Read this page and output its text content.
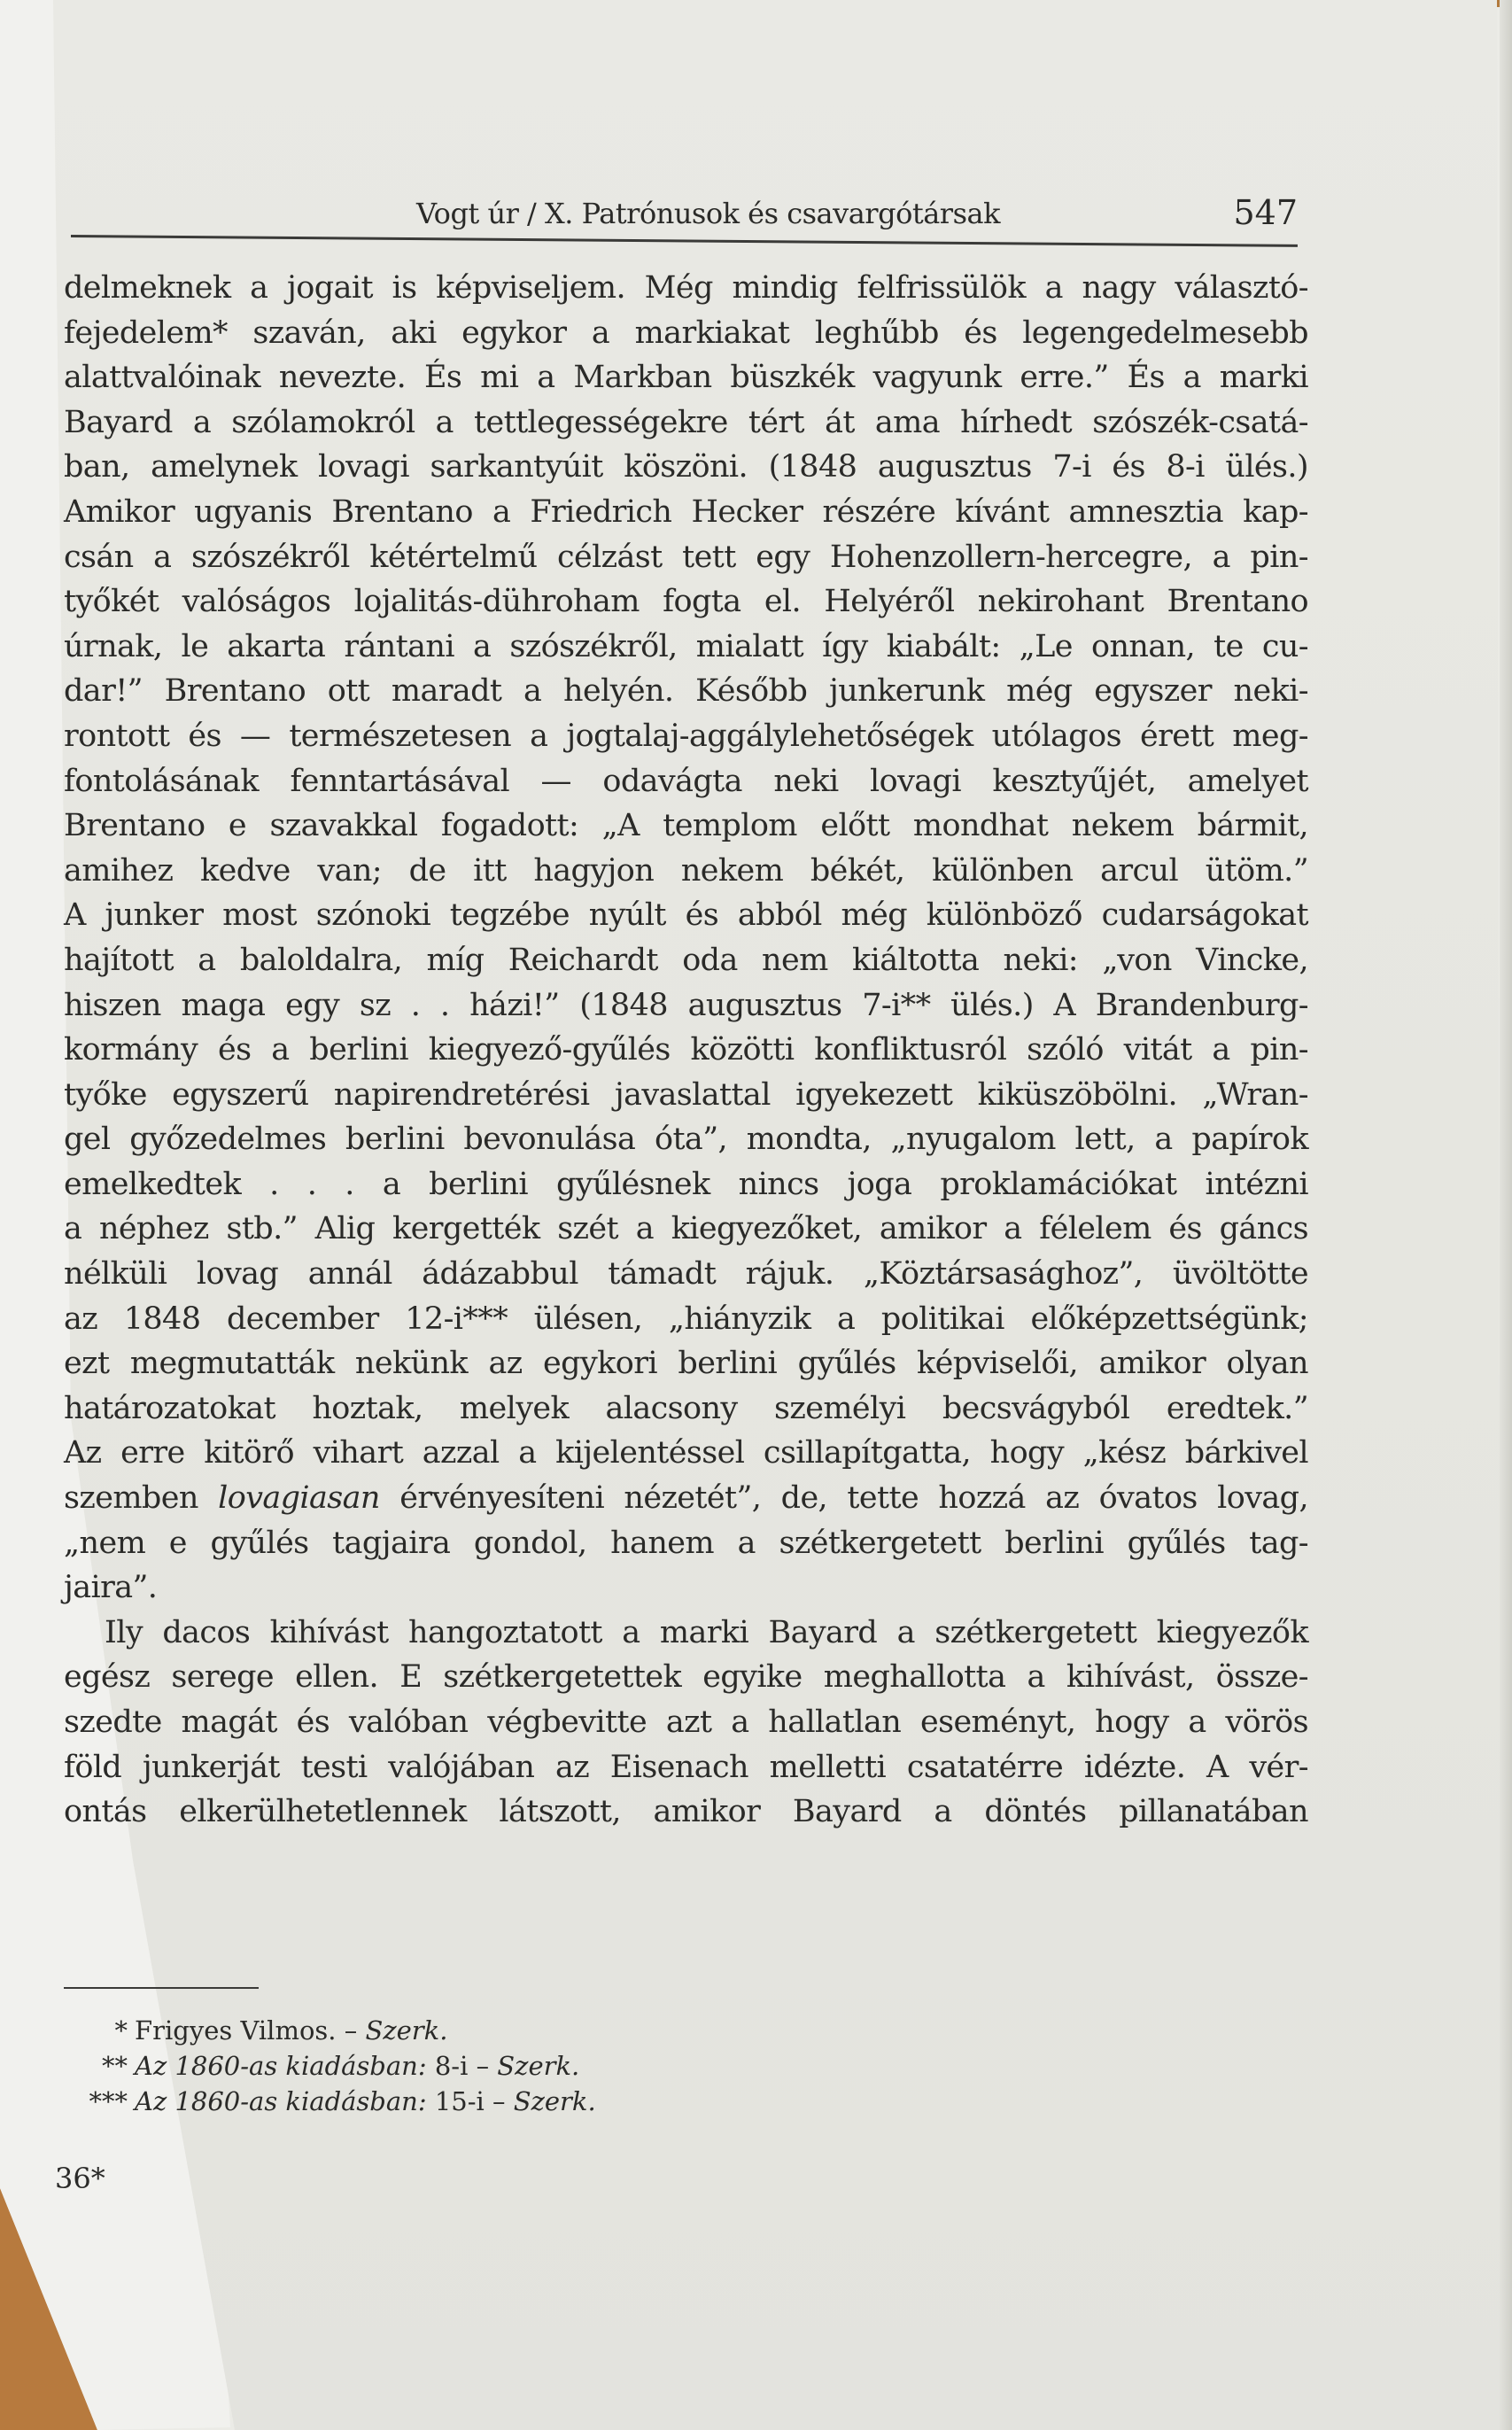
Vogt úr / X. Patrónusok és csavargótársak	547
delmeknek a jogait is képviseljem. Még mindig felfrissülök a nagy választó-
fejedelem* szaván, aki egykor a markiakat leghűbb és legengedelmesebb
alattvalóinak nevezte. És mi a Markban büszkék vagyunk erre.” És a marki
Bayard a szólamokról a tettlegességekre tért át ama hírhedt szószék-csatá-
ban, amelynek lovagi sarkantyúit köszöni. (1848 augusztus 7-i és 8-i ülés.)
Amikor ugyanis Brentano a Friedrich Hecker részére kívánt amnesztia kap-
csán a szószékről kétértelmű célzást tett egy Hohenzollern-hercegre, a pin-
tyőkét valóságos lojalitás-dühroham fogta el. Helyéről nekirohant Brentano
úrnak, le akarta rántani a szószékről, mialatt így kiabált: „Le onnan, te cu-
dar!” Brentano ott maradt a helyén. Később junkerunk még egyszer neki-
rontott és — természetesen a jogtalaj-aggálylehetőségek utólagos érett meg-
fontolásának fenntartásával — odavágta neki lovagi kesztyűjét, amelyet
Brentano e szavakkal fogadott: „A templom előtt mondhat nekem bármit,
amihez kedve van; de itt hagyjon nekem békét, különben arcul ütöm.”
A junker most szónoki tegzébe nyúlt és abból még különböző cudarságokat
hajított a baloldalra, míg Reichardt oda nem kiáltotta neki: „von Vincke,
hiszen maga egy sz . . házi!” (1848 augusztus 7-i** ülés.) A Brandenburg-
kormány és a berlini kiegyező-gyűlés közötti konfliktusról szóló vitát a pin-
tyőke egyszerű napirendretérési javaslattal igyekezett kiküszöbölni. „Wran-
gel győzedelmes berlini bevonulása óta”, mondta, „nyugalom lett, a papírok
emelkedtek . . . a berlini gyűlésnek nincs joga proklamációkat intézni
a néphez stb.” Alig kergették szét a kiegyezőket, amikor a félelem és gáncs
nélküli lovag annál ádázabbul támadt rájuk. „Köztársasághoz”, üvöltötte
az 1848 december 12-i*** ülésen, „hiányzik a politikai előképzettségünk;
ezt megmutatták nekünk az egykori berlini gyűlés képviselői, amikor olyan
határozatokat hoztak, melyek alacsony személyi becsvágyból eredtek.”
Az erre kitörő vihart azzal a kijelentéssel csillapítgatta, hogy „kész bárkivel
szemben lovagiasan érvényesíteni nézetét”, de, tette hozzá az óvatos lovag,
„nem e gyűlés tagjaira gondol, hanem a szétkergetett berlini gyűlés tag-
jaira”.
Ily dacos kihívást hangoztatott a marki Bayard a szétkergetett kiegyezők
egész serege ellen. E szétkergetettek egyike meghallotta a kihívást, össze-
szedte magát és valóban végbevitte azt a hallatlan eseményt, hogy a vörös
föld junkerját testi valójában az Eisenach melletti csatatérre idézte. A vér-
ontás elkerülhetetlennek látszott, amikor Bayard a döntés pillanatában
* Frigyes Vilmos. – Szerk.
** Az 1860-as kiadásban: 8-i – Szerk.
*** Az 1860-as kiadásban: 15-i – Szerk.
36*
